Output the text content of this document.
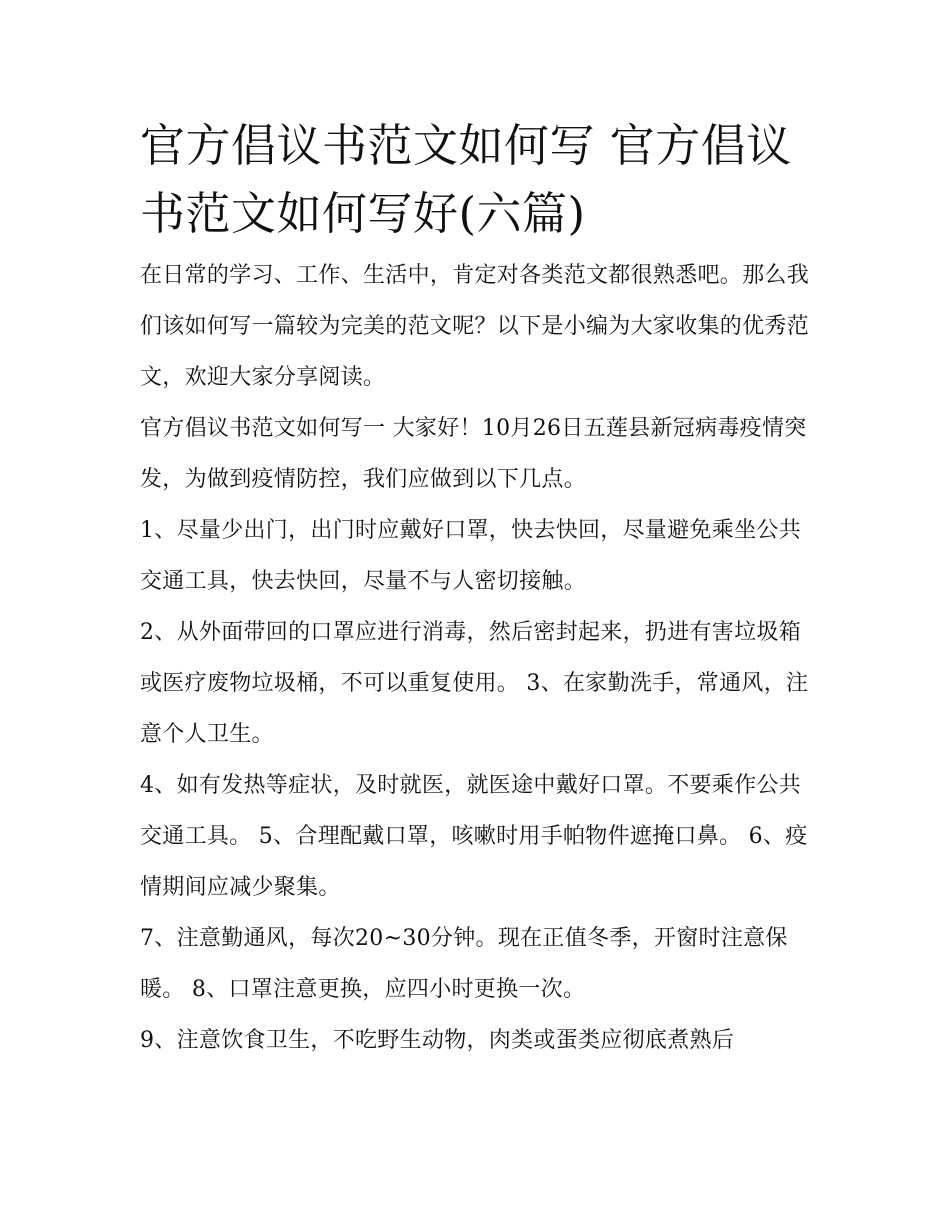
官方倡议书范文如何写 官方倡议书范文如何写好(六篇)

在日常的学习、工作、生活中，肯定对各类范文都很熟悉吧。那么我们该如何写一篇较为完美的范文呢？以下是小编为大家收集的优秀范文，欢迎大家分享阅读。

官方倡议书范文如何写一 大家好！10月26日五莲县新冠病毒疫情突发，为做到疫情防控，我们应做到以下几点。

1、尽量少出门，出门时应戴好口罩，快去快回，尽量避免乘坐公共交通工具，快去快回，尽量不与人密切接触。

2、从外面带回的口罩应进行消毒，然后密封起来，扔进有害垃圾箱或医疗废物垃圾桶，不可以重复使用。 3、在家勤洗手，常通风，注意个人卫生。

4、如有发热等症状，及时就医，就医途中戴好口罩。不要乘作公共交通工具。 5、合理配戴口罩，咳嗽时用手帕物件遮掩口鼻。 6、疫情期间应减少聚集。

7、注意勤通风，每次20~30分钟。现在正值冬季，开窗时注意保暖。 8、口罩注意更换，应四小时更换一次。

9、注意饮食卫生，不吃野生动物，肉类或蛋类应彻底煮熟后
